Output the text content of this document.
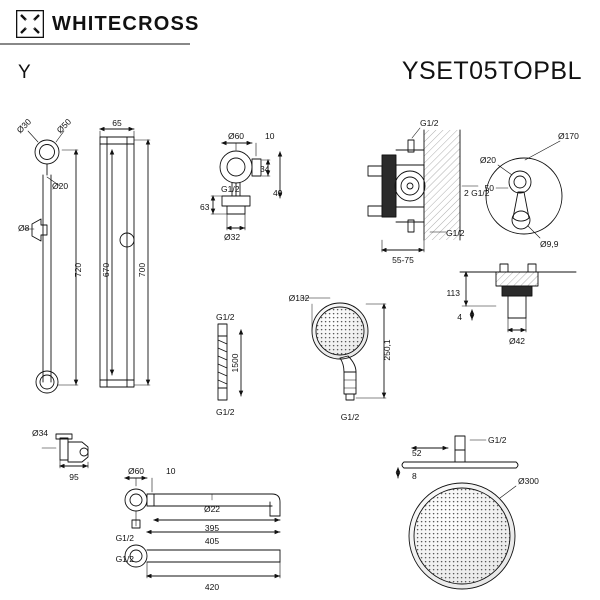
WHITECROSS
Y	YSET05TOPBL
Ø30	Ø50
Ø20
Ø8
720
65
670	700
Ø60 10
G1/2
34
49
63
Ø32
G1/2
2 G1/2
G1/2
55-75
Ø170
Ø20
50
Ø9,9
113
4
Ø42
G1/2
1500
G1/2
Ø132
250,1
G1/2
Ø34
95
Ø60	10
Ø22
395
405
420
G1/2
G1/2
52
8
G1/2
Ø300
